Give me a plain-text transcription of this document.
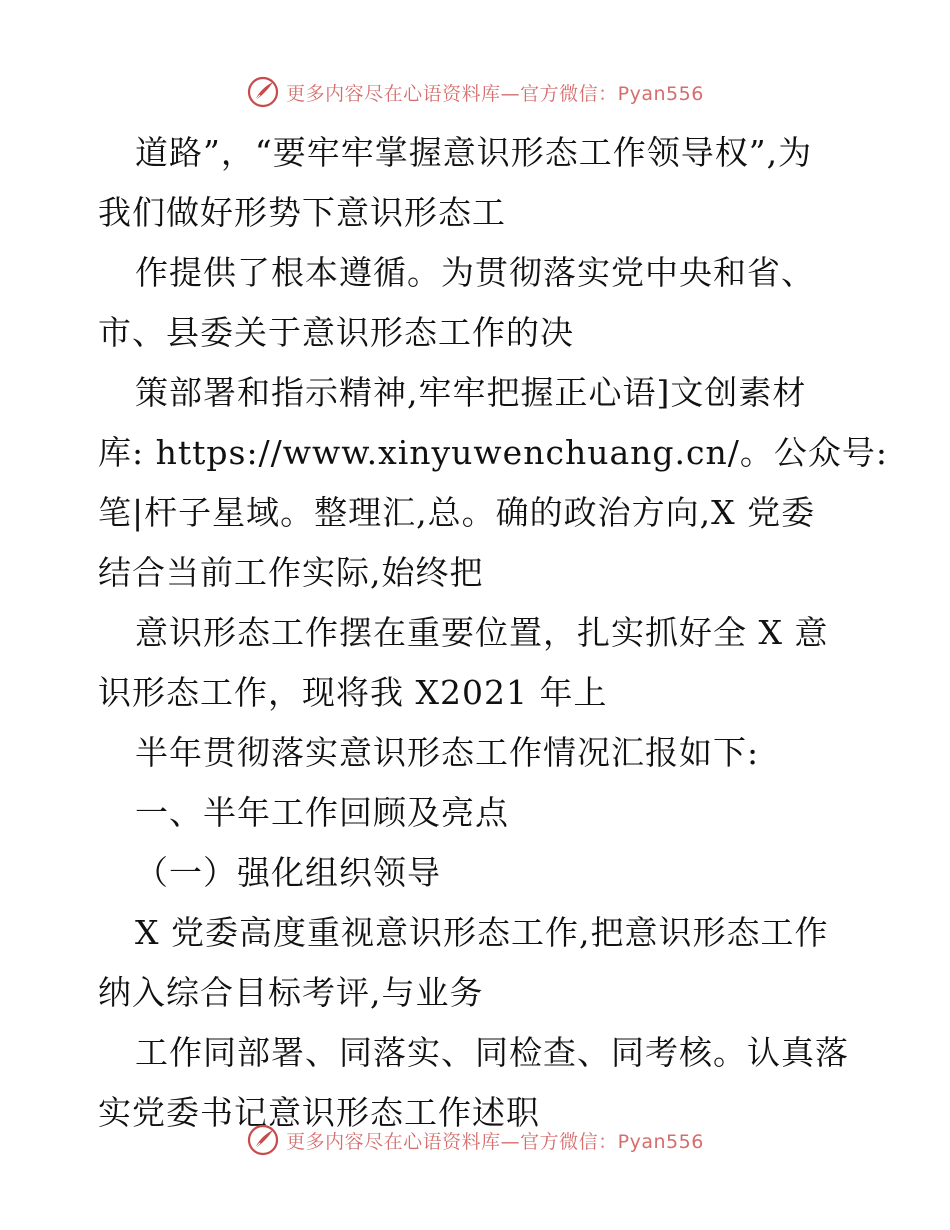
更多内容尽在心语资料库—官方微信：Pyan556
道路”，“要牢牢掌握意识形态工作领导权”,为
我们做好形势下意识形态工
作提供了根本遵循。为贯彻落实党中央和省、
市、县委关于意识形态工作的决
策部署和指示精神,牢牢把握正心语]文创素材
库: https://www.xinyuwenchuang.cn/。公众号:
笔|杆子星域。整理汇,总。确的政治方向,X 党委
结合当前工作实际,始终把
意识形态工作摆在重要位置，扎实抓好全 X 意
识形态工作，现将我 X2021 年上
半年贯彻落实意识形态工作情况汇报如下:
一、半年工作回顾及亮点
（一）强化组织领导
X 党委高度重视意识形态工作,把意识形态工作
纳入综合目标考评,与业务
工作同部署、同落实、同检查、同考核。认真落
实党委书记意识形态工作述职
更多内容尽在心语资料库—官方微信：Pyan556
